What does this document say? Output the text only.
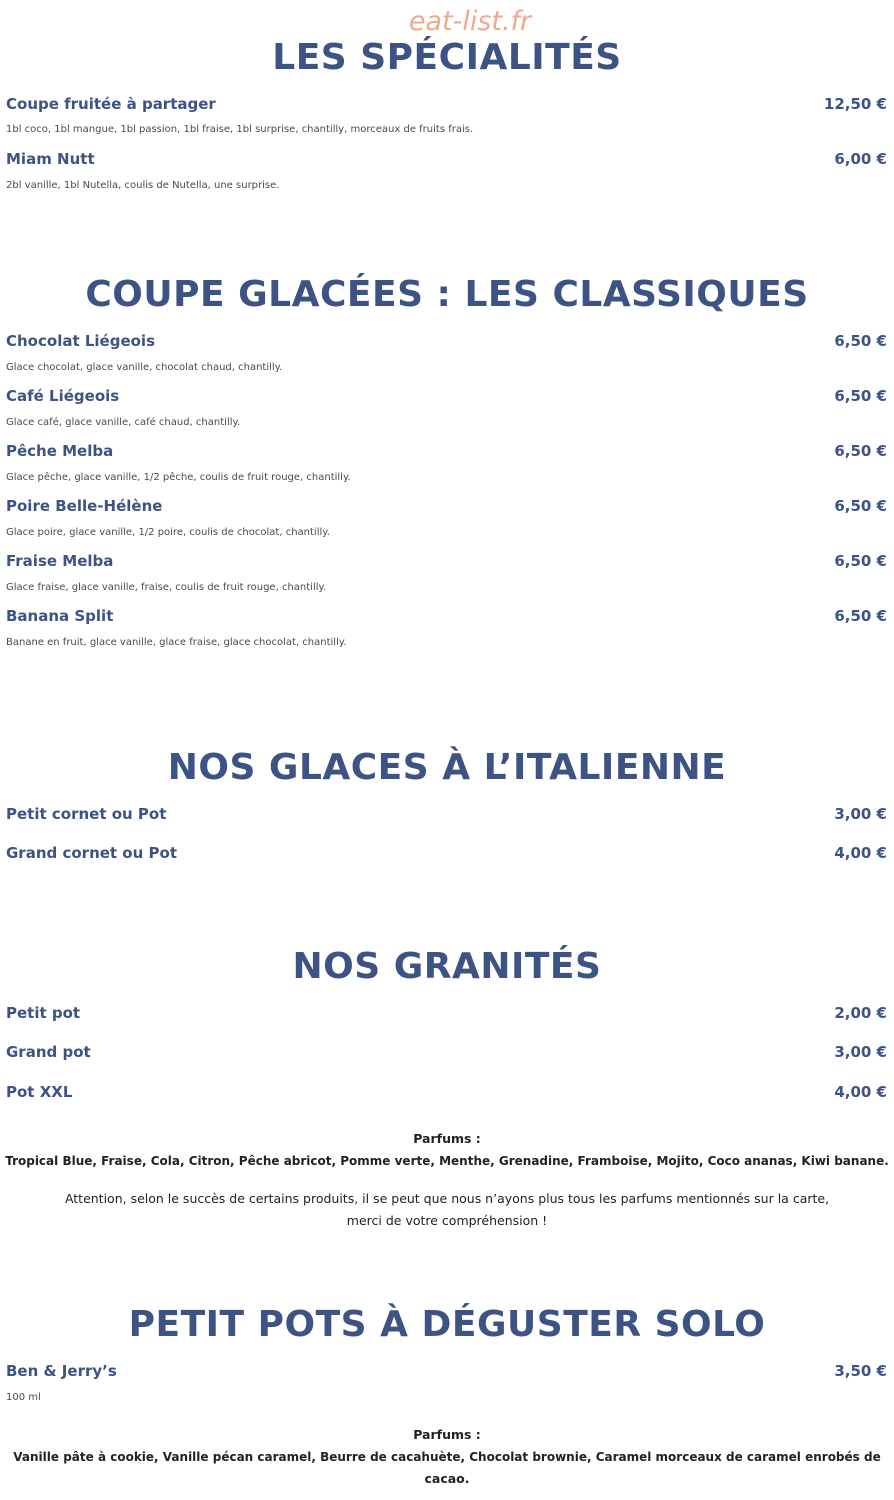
eat-list.fr
LES SPÉCIALITÉS
Coupe fruitée à partager	12,50 €
1bl coco, 1bl mangue, 1bl passion, 1bl fraise, 1bl surprise, chantilly, morceaux de fruits frais.
Miam Nutt	6,00 €
2bl vanille, 1bl Nutella, coulis de Nutella, une surprise.
COUPE GLACÉES : LES CLASSIQUES
Chocolat Liégeois	6,50 €
Glace chocolat, glace vanille, chocolat chaud, chantilly.
Café Liégeois	6,50 €
Glace café, glace vanille, café chaud, chantilly.
Pêche Melba	6,50 €
Glace pêche, glace vanille, 1/2 pêche, coulis de fruit rouge, chantilly.
Poire Belle-Hélène	6,50 €
Glace poire, glace vanille, 1/2 poire, coulis de chocolat, chantilly.
Fraise Melba	6,50 €
Glace fraise, glace vanille, fraise, coulis de fruit rouge, chantilly.
Banana Split	6,50 €
Banane en fruit, glace vanille, glace fraise, glace chocolat, chantilly.
NOS GLACES À L’ITALIENNE
Petit cornet ou Pot	3,00 €
Grand cornet ou Pot	4,00 €
NOS GRANITÉS
Petit pot	2,00 €
Grand pot	3,00 €
Pot XXL	4,00 €
Parfums :
Tropical Blue, Fraise, Cola, Citron, Pêche abricot, Pomme verte, Menthe, Grenadine, Framboise, Mojito, Coco ananas, Kiwi banane.
Attention, selon le succès de certains produits, il se peut que nous n’ayons plus tous les parfums mentionnés sur la carte,
merci de votre compréhension !
PETIT POTS À DÉGUSTER SOLO
Ben & Jerry’s	3,50 €
100 ml
Parfums :
Vanille pâte à cookie, Vanille pécan caramel, Beurre de cacahuète, Chocolat brownie, Caramel morceaux de caramel enrobés de
cacao.
